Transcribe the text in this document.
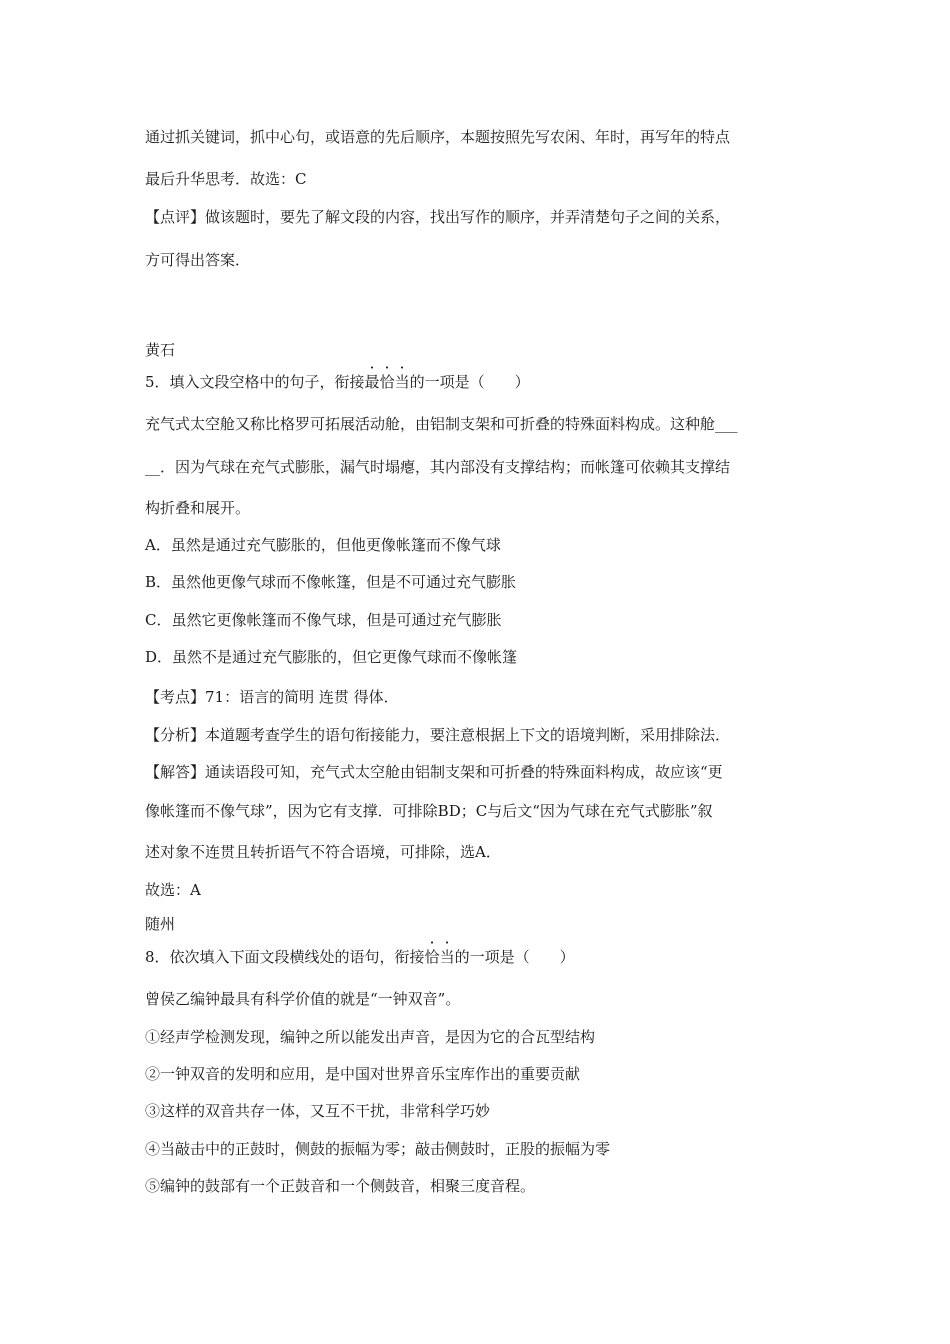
通过抓关键词，抓中心句，或语意的先后顺序，本题按照先写农闲、年时，再写年的特点
最后升华思考．故选：C
【点评】做该题时，要先了解文段的内容，找出写作的顺序，并弄清楚句子之间的关系，
方可得出答案．
黄石
5．填入文段空格中的句子，衔接最恰当的一项是（　　）
充气式太空舱又称比格罗可拓展活动舱，由铝制支架和可折叠的特殊面料构成。这种舱___
__．因为气球在充气式膨胀，漏气时塌瘪，其内部没有支撑结构；而帐篷可依赖其支撑结
构折叠和展开。
A．虽然是通过充气膨胀的，但他更像帐篷而不像气球
B．虽然他更像气球而不像帐篷，但是不可通过充气膨胀
C．虽然它更像帐篷而不像气球，但是可通过充气膨胀
D．虽然不是通过充气膨胀的，但它更像气球而不像帐篷
【考点】71：语言的简明 连贯 得体．
【分析】本道题考查学生的语句衔接能力，要注意根据上下文的语境判断，采用排除法．
【解答】通读语段可知，充气式太空舱由铝制支架和可折叠的特殊面料构成，故应该“更
像帐篷而不像气球”，因为它有支撑．可排除BD；C与后文“因为气球在充气式膨胀”叙
述对象不连贯且转折语气不符合语境，可排除，选A．
故选：A
随州
8．依次填入下面文段横线处的语句，衔接恰当的一项是（　　）
曾侯乙编钟最具有科学价值的就是“一钟双音”。
①经声学检测发现，编钟之所以能发出声音，是因为它的合瓦型结构
②一钟双音的发明和应用，是中国对世界音乐宝库作出的重要贡献
③这样的双音共存一体，又互不干扰，非常科学巧妙
④当敲击中的正鼓时，侧鼓的振幅为零；敲击侧鼓时，正股的振幅为零
⑤编钟的鼓部有一个正鼓音和一个侧鼓音，相聚三度音程。
